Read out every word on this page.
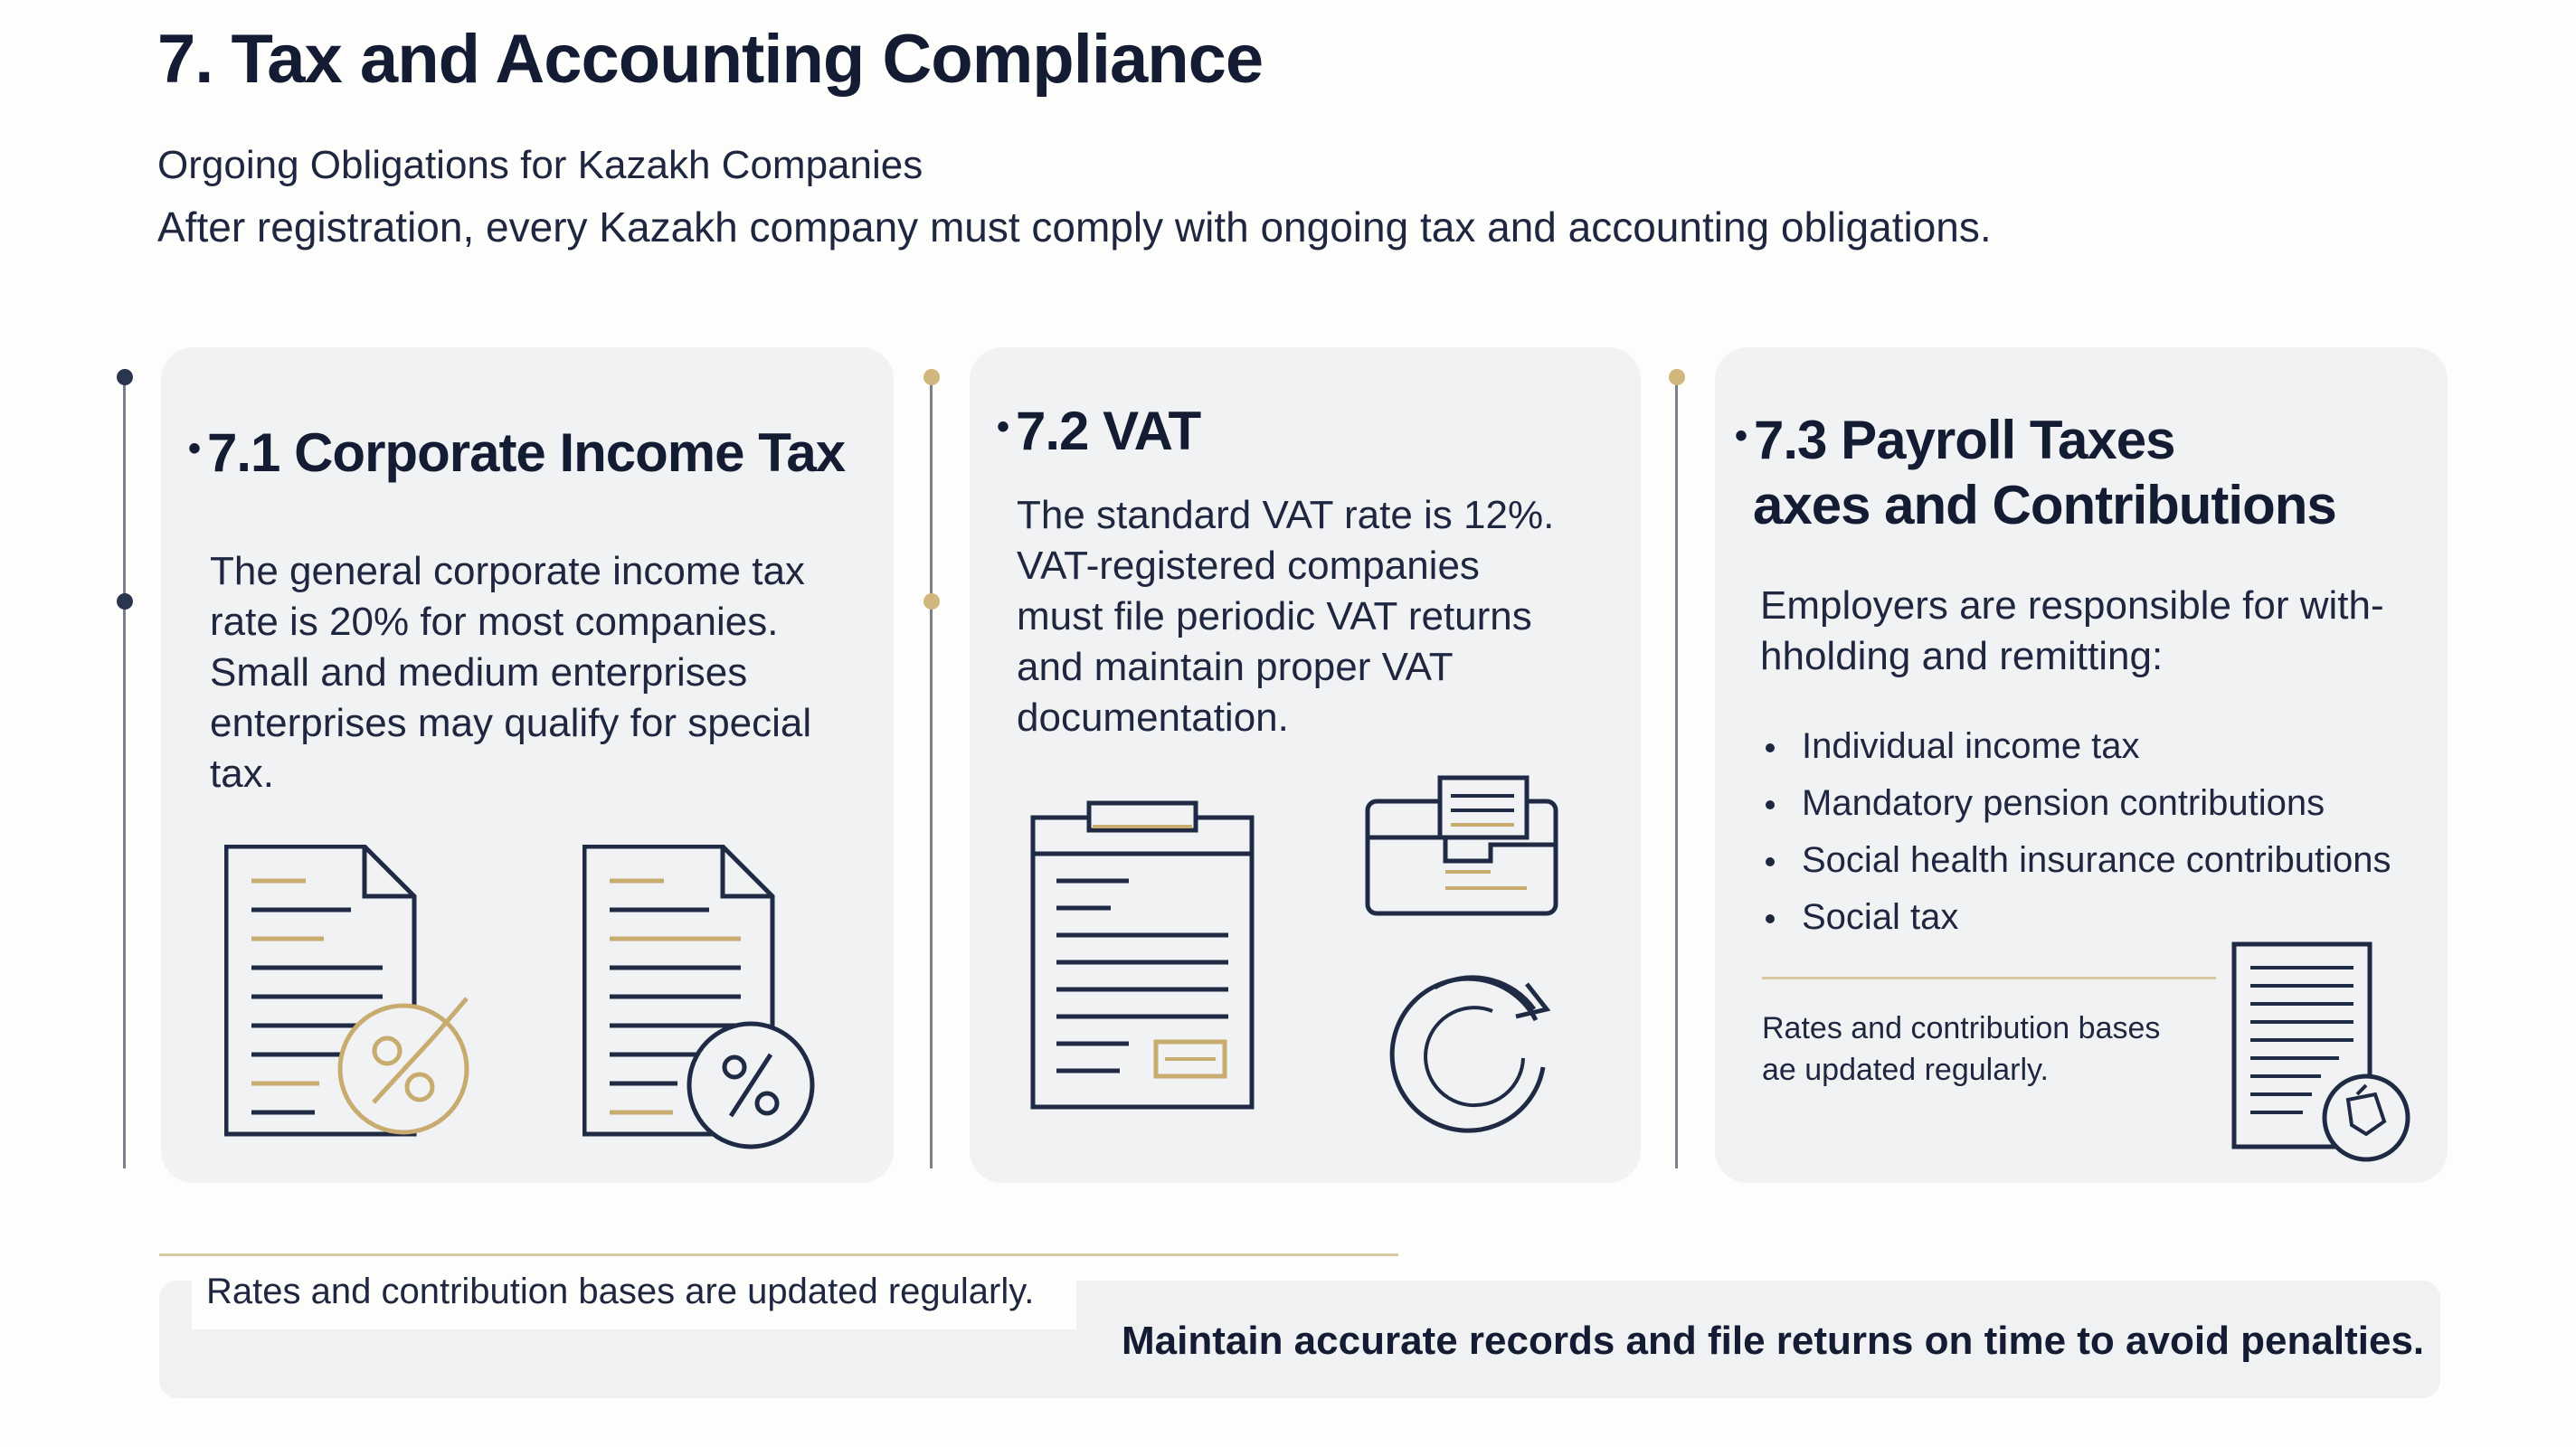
7. Tax and Accounting Compliance
Orgoing Obligations for Kazakh Companies
After registration, every Kazakh company must comply with ongoing tax and accounting obligations.
• 7.1 Corporate Income Tax
The general corporate income tax
rate is 20% for most companies.
Small and medium enterprises
enterprises may qualify for special
tax.
• 7.2 VAT
The standard VAT rate is 12%.
VAT-registered companies
must file periodic VAT returns
and maintain proper VAT
documentation.
• 7.3 Payroll Taxes
axes and Contributions
Employers are responsible for with-
hholding and remitting:
Individual income tax
Mandatory pension contributions
Social health insurance contributions
Social tax
Rates and contribution bases
ae updated regularly.
Rates and contribution bases are updated regularly.
Maintain accurate records and file returns on time to avoid penalties.
